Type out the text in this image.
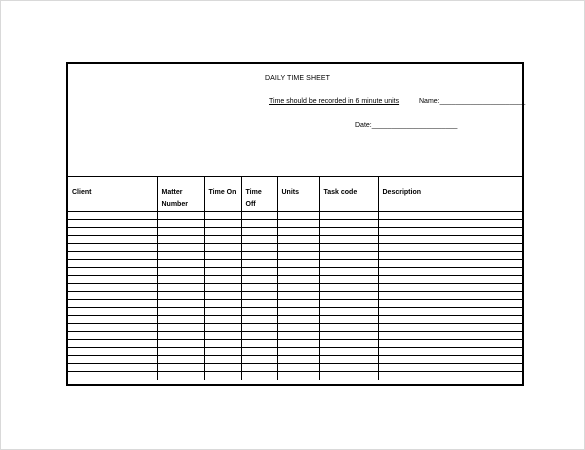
DAILY TIME SHEET
Time should be recorded in 6 minute units	Name:______________________
Date:______________________
Client	Matter Number	Time On	Time Off	Units	Task code	Description
